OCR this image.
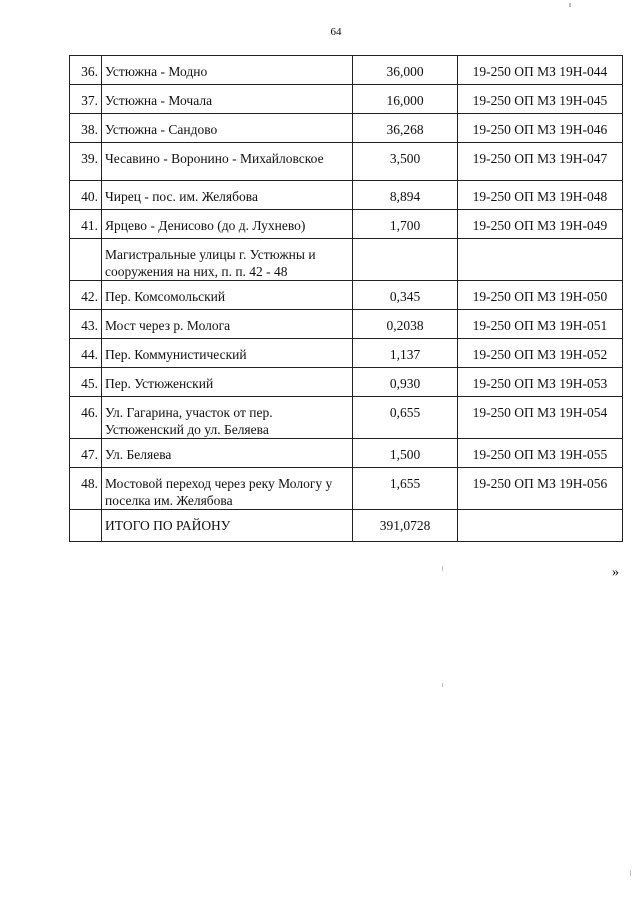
64
36.	Устюжна - Модно	36,000	19-250 ОП МЗ 19Н-044
37.	Устюжна - Мочала	16,000	19-250 ОП МЗ 19Н-045
38.	Устюжна - Сандово	36,268	19-250 ОП МЗ 19Н-046
39.	Чесавино - Воронино - Михайловское	3,500	19-250 ОП МЗ 19Н-047
40.	Чирец - пос. им. Желябова	8,894	19-250 ОП МЗ 19Н-048
41.	Ярцево - Денисово (до д. Лухнево)	1,700	19-250 ОП МЗ 19Н-049
	Магистральные улицы г. Устюжны и сооружения на них, п. п. 42 - 48		
42.	Пер. Комсомольский	0,345	19-250 ОП МЗ 19Н-050
43.	Мост через р. Молога	0,2038	19-250 ОП МЗ 19Н-051
44.	Пер. Коммунистический	1,137	19-250 ОП МЗ 19Н-052
45.	Пер. Устюженский	0,930	19-250 ОП МЗ 19Н-053
46.	Ул. Гагарина, участок от пер. Устюженский до ул. Беляева	0,655	19-250 ОП МЗ 19Н-054
47.	Ул. Беляева	1,500	19-250 ОП МЗ 19Н-055
48.	Мостовой переход через реку Мологу у поселка им. Желябова	1,655	19-250 ОП МЗ 19Н-056
	ИТОГО ПО РАЙОНУ	391,0728	
»
